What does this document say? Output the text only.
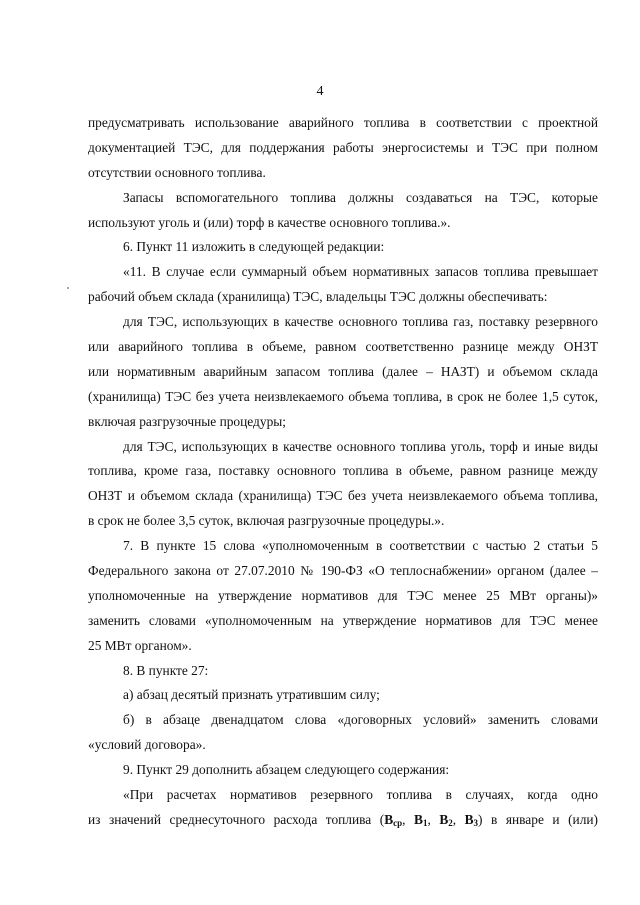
4
предусматривать использование аварийного топлива в соответствии с проектной
документацией ТЭС, для поддержания работы энергосистемы и ТЭС при полном
отсутствии основного топлива.
Запасы вспомогательного топлива должны создаваться на ТЭС, которые
используют уголь и (или) торф в качестве основного топлива.».
6. Пункт 11 изложить в следующей редакции:
«11. В случае если суммарный объем нормативных запасов топлива превышает
рабочий объем склада (хранилища) ТЭС, владельцы ТЭС должны обеспечивать:
для ТЭС, использующих в качестве основного топлива газ, поставку резервного
или аварийного топлива в объеме, равном соответственно разнице между ОНЗТ
или нормативным аварийным запасом топлива (далее – НАЗТ) и объемом склада
(хранилища) ТЭС без учета неизвлекаемого объема топлива, в срок не более 1,5 суток,
включая разгрузочные процедуры;
для ТЭС, использующих в качестве основного топлива уголь, торф и иные виды
топлива, кроме газа, поставку основного топлива в объеме, равном разнице между
ОНЗТ и объемом склада (хранилища) ТЭС без учета неизвлекаемого объема топлива,
в срок не более 3,5 суток, включая разгрузочные процедуры.».
7. В пункте 15 слова «уполномоченным в соответствии с частью 2 статьи 5
Федерального закона от 27.07.2010 № 190-ФЗ «О теплоснабжении» органом (далее –
уполномоченные на утверждение нормативов для ТЭС менее 25 МВт органы)»
заменить словами «уполномоченным на утверждение нормативов для ТЭС менее
25 МВт органом».
8. В пункте 27:
а) абзац десятый признать утратившим силу;
б) в абзаце двенадцатом слова «договорных условий» заменить словами
«условий договора».
9. Пункт 29 дополнить абзацем следующего содержания:
«При расчетах нормативов резервного топлива в случаях, когда одно
из значений среднесуточного расхода топлива ($B_{ср}$, $B_1$, $B_2$, $B_3$) в январе и (или)
